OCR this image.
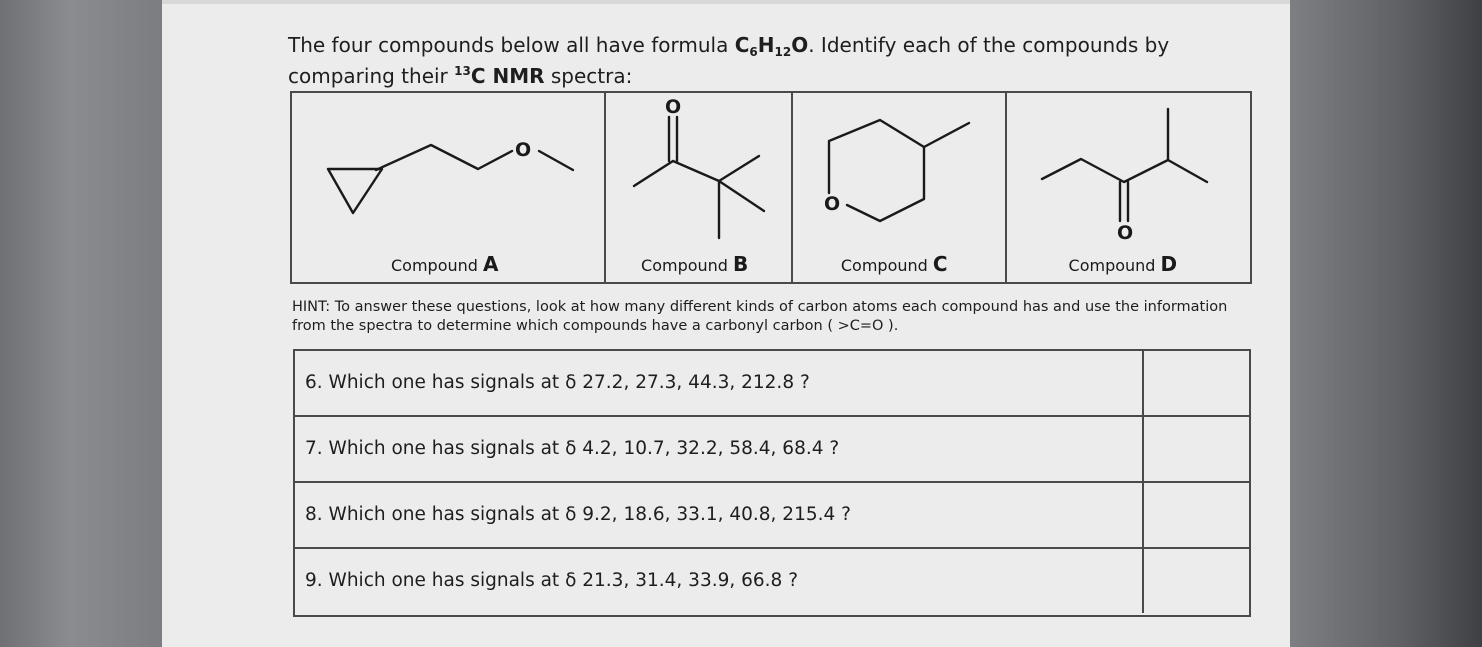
The four compounds below all have formula $C_6H_{12}O$. Identify each of the compounds by
comparing their $^{13}$C NMR spectra:
O
Compound A
O
Compound B
O
Compound C
O
Compound D
HINT: To answer these questions, look at how many different kinds of carbon atoms each compound has and use the information from the spectra to determine which compounds have a carbonyl carbon ( >C=O ).
6. Which one has signals at δ 27.2, 27.3, 44.3, 212.8 ?
7. Which one has signals at δ 4.2, 10.7, 32.2, 58.4, 68.4 ?
8. Which one has signals at δ 9.2, 18.6, 33.1, 40.8, 215.4 ?
9. Which one has signals at δ 21.3, 31.4, 33.9, 66.8 ?
